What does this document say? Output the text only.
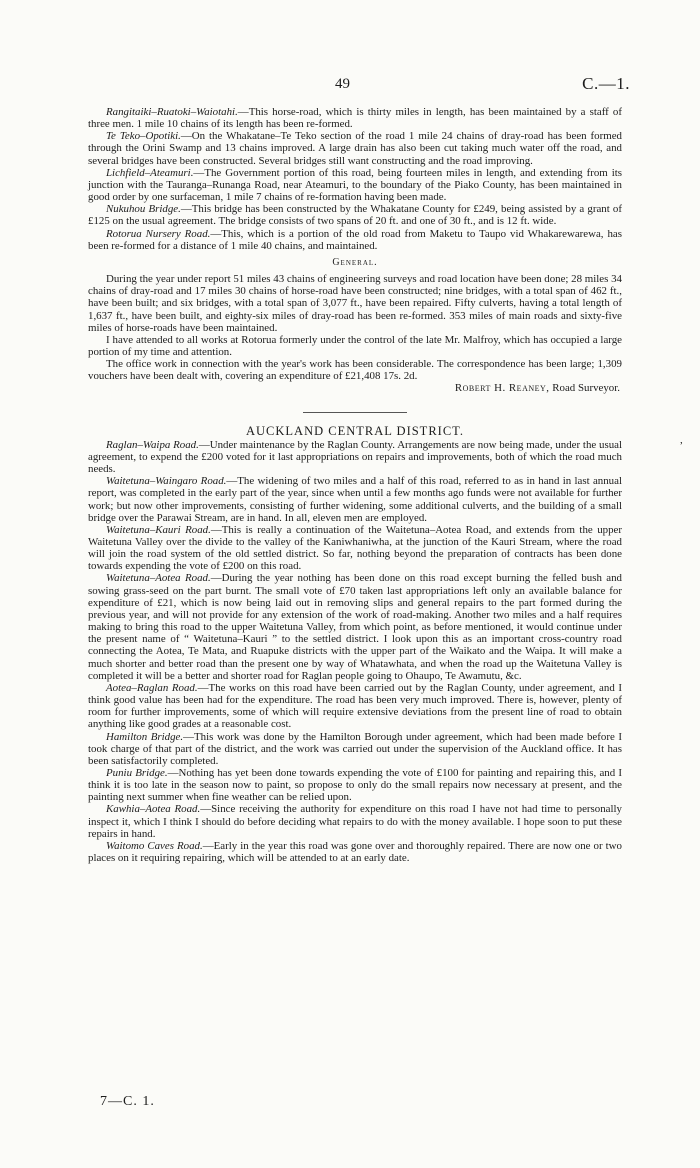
49	C.—1.
,

Rangitaiki–Ruatoki–Waiotahi.—This horse-road, which is thirty miles in length, has been maintained by a staff of three men. 1 mile 10 chains of its length has been re-formed.

Te Teko–Opotiki.—On the Whakatane–Te Teko section of the road 1 mile 24 chains of dray-road has been formed through the Orini Swamp and 13 chains improved. A large drain has also been cut taking much water off the road, and several bridges have been constructed. Several bridges still want constructing and the road improving.

Lichfield–Ateamuri.—The Government portion of this road, being fourteen miles in length, and extending from its junction with the Tauranga–Runanga Road, near Ateamuri, to the boundary of the Piako County, has been maintained in good order by one surfaceman, 1 mile 7 chains of re-formation having been made.

Nukuhou Bridge.—This bridge has been constructed by the Whakatane County for £249, being assisted by a grant of £125 on the usual agreement. The bridge consists of two spans of 20 ft. and one of 30 ft., and is 12 ft. wide.

Rotorua Nursery Road.—This, which is a portion of the old road from Maketu to Taupo vid Whakarewarewa, has been re-formed for a distance of 1 mile 40 chains, and maintained.

General.

During the year under report 51 miles 43 chains of engineering surveys and road location have been done; 28 miles 34 chains of dray-road and 17 miles 30 chains of horse-road have been constructed; nine bridges, with a total span of 462 ft., have been built; and six bridges, with a total span of 3,077 ft., have been repaired. Fifty culverts, having a total length of 1,637 ft., have been built, and eighty-six miles of dray-road has been re-formed. 353 miles of main roads and sixty-five miles of horse-roads have been maintained.

I have attended to all works at Rotorua formerly under the control of the late Mr. Malfroy, which has occupied a large portion of my time and attention.

The office work in connection with the year's work has been considerable. The correspondence has been large; 1,309 vouchers have been dealt with, covering an expenditure of £21,408 17s. 2d.

Robert H. Reaney, Road Surveyor.

AUCKLAND CENTRAL DISTRICT.

Raglan–Waipa Road.—Under maintenance by the Raglan County. Arrangements are now being made, under the usual agreement, to expend the £200 voted for it last appropriations on repairs and improvements, both of which the road much needs.

Waitetuna–Waingaro Road.—The widening of two miles and a half of this road, referred to as in hand in last annual report, was completed in the early part of the year, since when until a few months ago funds were not available for further work; but now other improvements, consisting of further widening, some additional culverts, and the building of a small bridge over the Parawai Stream, are in hand. In all, eleven men are employed.

Waitetuna–Kauri Road.—This is really a continuation of the Waitetuna–Aotea Road, and extends from the upper Waitetuna Valley over the divide to the valley of the Kaniwhaniwha, at the junction of the Kauri Stream, where the road will join the road system of the old settled district. So far, nothing beyond the preparation of contracts has been done towards expending the vote of £200 on this road.

Waitetuna–Aotea Road.—During the year nothing has been done on this road except burning the felled bush and sowing grass-seed on the part burnt. The small vote of £70 taken last appropriations left only an available balance for expenditure of £21, which is now being laid out in removing slips and general repairs to the part formed during the previous year, and will not provide for any extension of the work of road-making. Another two miles and a half requires making to bring this road to the upper Waitetuna Valley, from which point, as before mentioned, it would continue under the present name of “ Waitetuna–Kauri ” to the settled district. I look upon this as an important cross-country road connecting the Aotea, Te Mata, and Ruapuke districts with the upper part of the Waikato and the Waipa. It will make a much shorter and better road than the present one by way of Whatawhata, and when the road up the Waitetuna Valley is completed it will be a better and shorter road for Raglan people going to Ohaupo, Te Awamutu, &c.

Aotea–Raglan Road.—The works on this road have been carried out by the Raglan County, under agreement, and I think good value has been had for the expenditure. The road has been very much improved. There is, however, plenty of room for further improvements, some of which will require extensive deviations from the present line of road to obtain anything like good grades at a reasonable cost.

Hamilton Bridge.—This work was done by the Hamilton Borough under agreement, which had been made before I took charge of that part of the district, and the work was carried out under the supervision of the Auckland office. It has been satisfactorily completed.

Puniu Bridge.—Nothing has yet been done towards expending the vote of £100 for painting and repairing this, and I think it is too late in the season now to paint, so propose to only do the small repairs now necessary at present, and the painting next summer when fine weather can be relied upon.

Kawhia–Aotea Road.—Since receiving the authority for expenditure on this road I have not had time to personally inspect it, which I think I should do before deciding what repairs to do with the money available. I hope soon to put these repairs in hand.

Waitomo Caves Road.—Early in the year this road was gone over and thoroughly repaired. There are now one or two places on it requiring repairing, which will be attended to at an early date.

7—C. 1.
